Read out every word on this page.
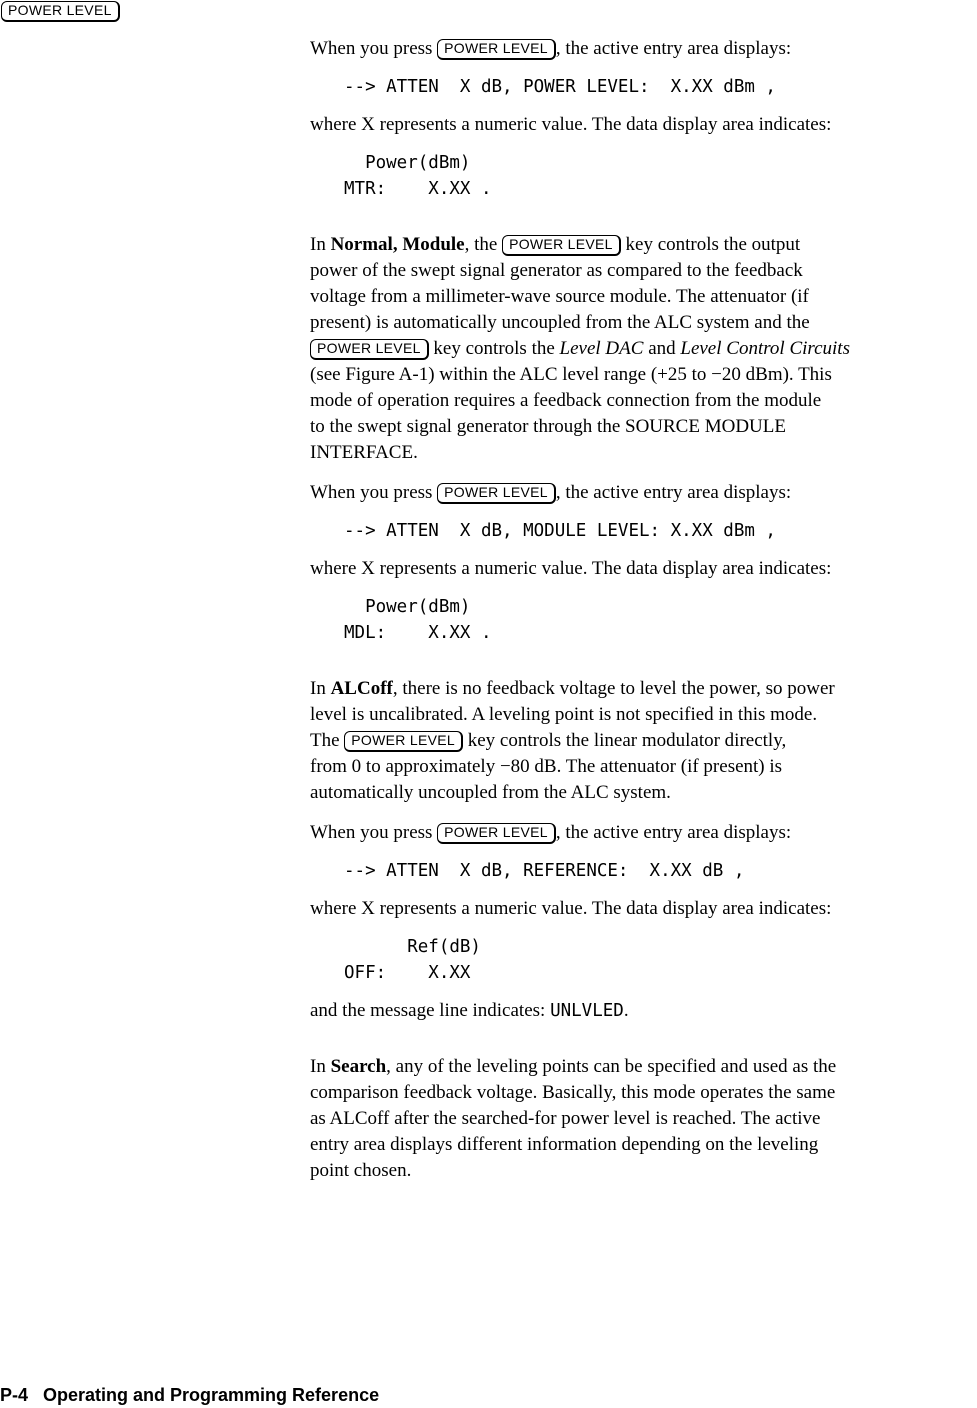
POWER LEVEL

When you press POWER LEVEL , the active entry area displays:

--> ATTEN  X dB, POWER LEVEL:  X.XX dBm ,

where X represents a numeric value. The data display area indicates:

Power(dBm)

MTR:    X.XX .

In Normal, Module, the POWER LEVEL key controls the output

power of the swept signal generator as compared to the feedback

voltage from a millimeter-wave source module. The attenuator (if

present) is automatically uncoupled from the ALC system and the

POWER LEVEL key controls the Level DAC and Level Control Circuits

(see Figure A-1) within the ALC level range (+25 to −20 dBm). This

mode of operation requires a feedback connection from the module

to the swept signal generator through the SOURCE MODULE

INTERFACE.

When you press POWER LEVEL , the active entry area displays:

--> ATTEN  X dB, MODULE LEVEL: X.XX dBm ,

where X represents a numeric value. The data display area indicates:

Power(dBm)

MDL:    X.XX .

In ALCoff, there is no feedback voltage to level the power, so power

level is uncalibrated. A leveling point is not specified in this mode.

The POWER LEVEL key controls the linear modulator directly,

from 0 to approximately −80 dB. The attenuator (if present) is

automatically uncoupled from the ALC system.

When you press POWER LEVEL , the active entry area displays:

--> ATTEN  X dB, REFERENCE:  X.XX dB ,

where X represents a numeric value. The data display area indicates:

Ref(dB)

OFF:    X.XX

and the message line indicates: UNLVLED.

In Search, any of the leveling points can be specified and used as the

comparison feedback voltage. Basically, this mode operates the same

as ALCoff after the searched-for power level is reached. The active

entry area displays different information depending on the leveling

point chosen.

P-4   Operating and Programming Reference
